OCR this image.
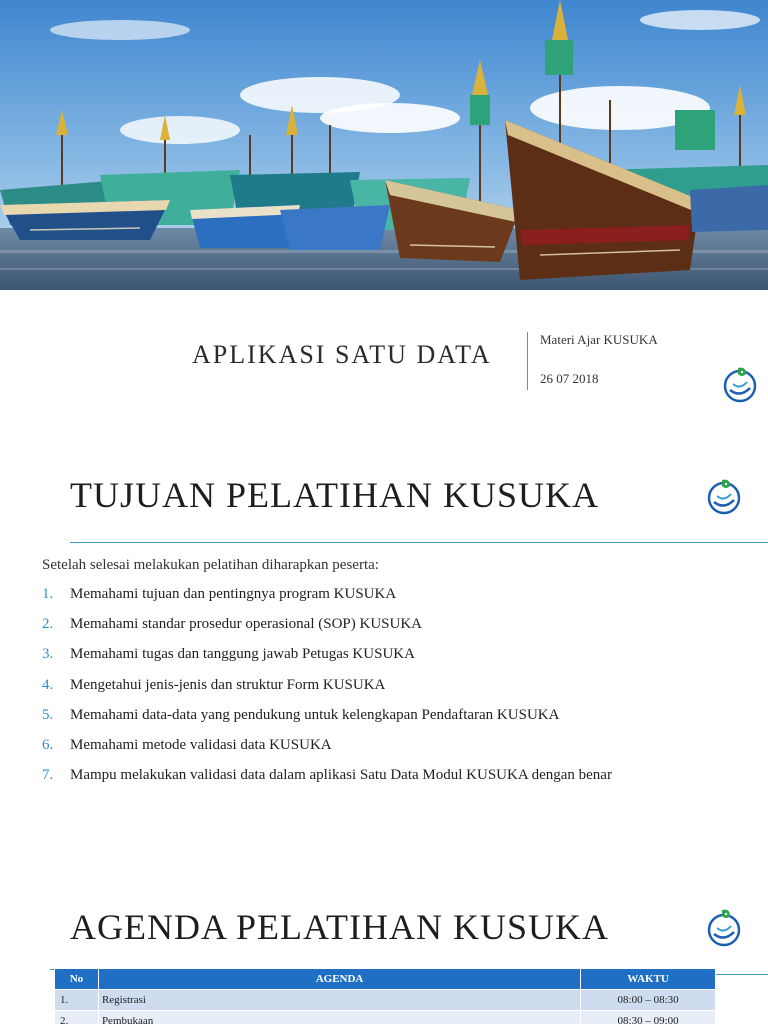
APLIKASI SATU DATA
Materi Ajar KUSUKA
26 07 2018
TUJUAN PELATIHAN KUSUKA
Setelah selesai melakukan pelatihan diharapkan peserta:
1.	Memahami tujuan dan pentingnya program KUSUKA
2.	Memahami standar prosedur operasional (SOP) KUSUKA
3.	Memahami tugas dan tanggung jawab Petugas KUSUKA
4.	Mengetahui jenis-jenis dan struktur Form KUSUKA
5.	Memahami data-data yang pendukung untuk kelengkapan Pendaftaran KUSUKA
6.	Memahami metode validasi data KUSUKA
7.	Mampu melakukan validasi data dalam aplikasi Satu Data Modul KUSUKA dengan benar
AGENDA PELATIHAN KUSUKA
No	AGENDA	WAKTU
1.	Registrasi	08:00 – 08:30
2.	Pembukaan	08:30 – 09:00
